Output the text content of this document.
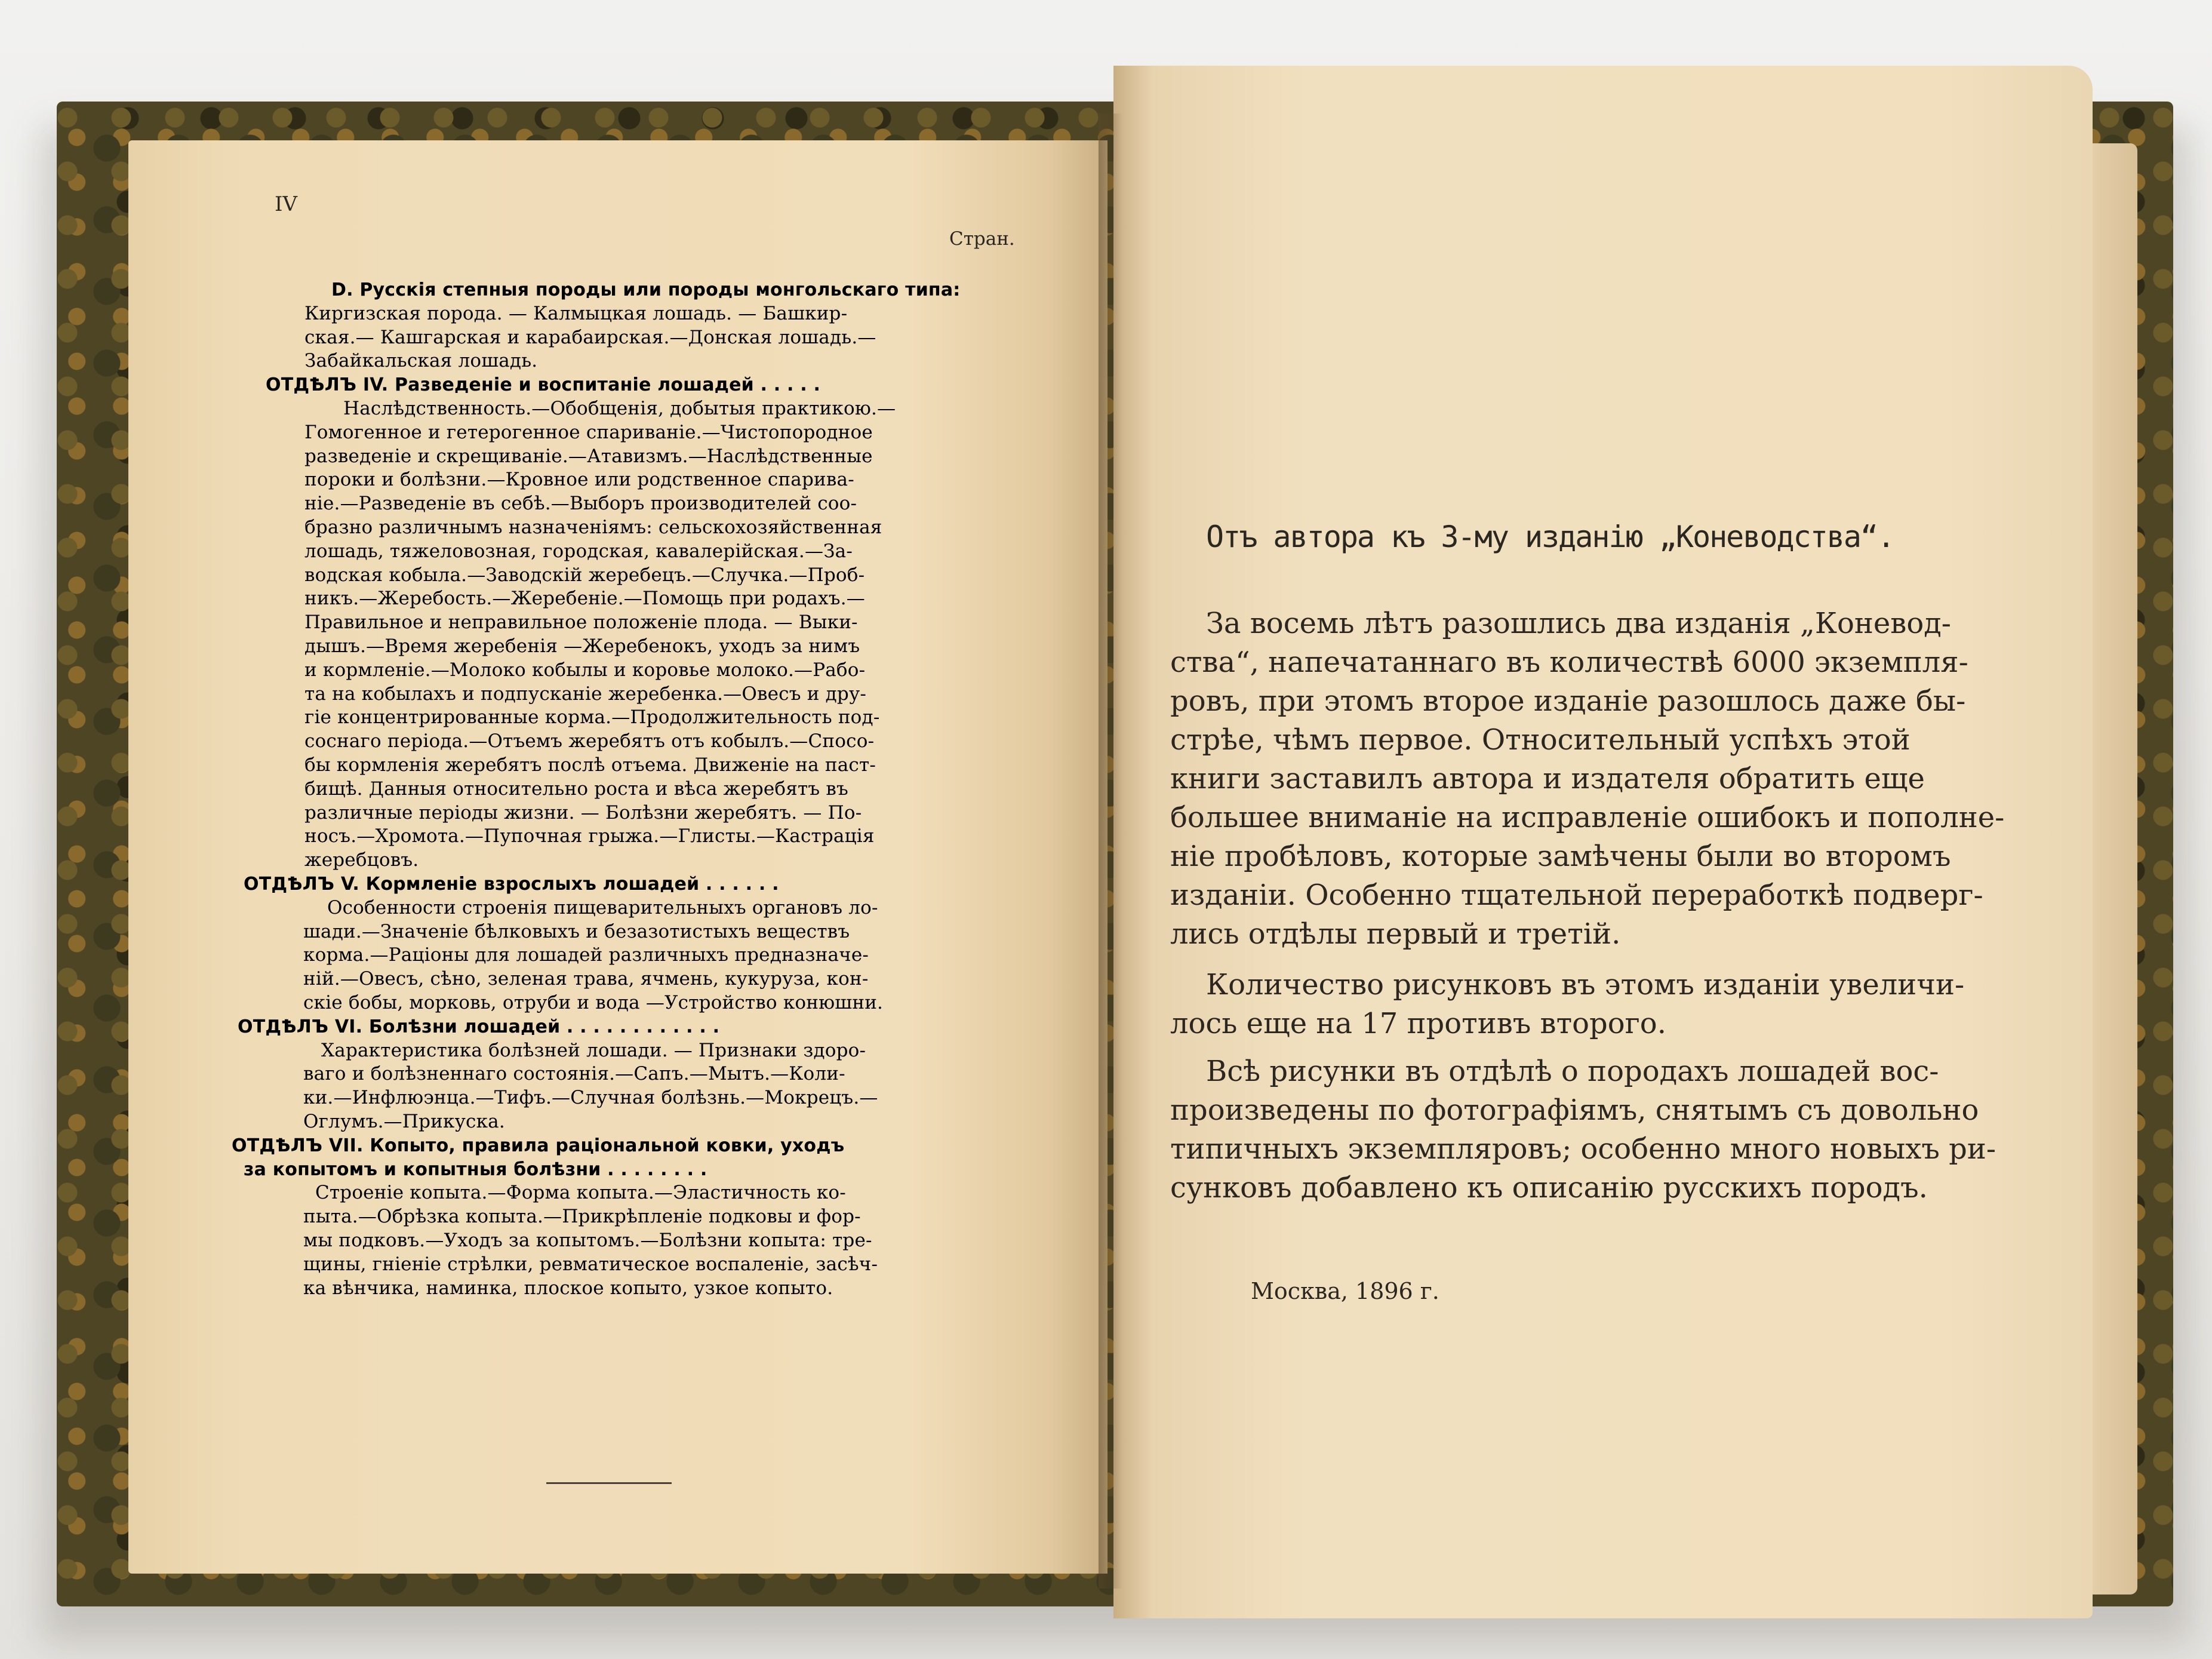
IV
Стран.
D. Русскія степныя породы или породы монгольскаго типа:
Киргизская порода. — Калмыцкая лошадь. — Башкир-
ская.— Кашгарская и карабаирская.—Донская лошадь.—
Забайкальская лошадь.
ОТДѢЛЪ IV. Разведеніе и воспитаніе лошадей . . . . .
Наслѣдственность.—Обобщенія, добытыя практикою.—
Гомогенное и гетерогенное спариваніе.—Чистопородное
разведеніе и скрещиваніе.—Атавизмъ.—Наслѣдственные
пороки и болѣзни.—Кровное или родственное спарива-
ніе.—Разведеніе въ себѣ.—Выборъ производителей соо-
бразно различнымъ назначеніямъ: сельскохозяйственная
лошадь, тяжеловозная, городская, кавалерійская.—За-
водская кобыла.—Заводскій жеребецъ.—Случка.—Проб-
никъ.—Жеребость.—Жеребеніе.—Помощь при родахъ.—
Правильное и неправильное положеніе плода. — Выки-
дышъ.—Время жеребенія —Жеребенокъ, уходъ за нимъ
и кормленіе.—Молоко кобылы и коровье молоко.—Рабо-
та на кобылахъ и подпусканіе жеребенка.—Овесъ и дру-
гіе концентрированные корма.—Продолжительность под-
соснаго періода.—Отъемъ жеребятъ отъ кобылъ.—Спосо-
бы кормленія жеребятъ послѣ отъема. Движеніе на паст-
бищѣ. Данныя относительно роста и вѣса жеребятъ въ
различные періоды жизни. — Болѣзни жеребятъ. — По-
носъ.—Хромота.—Пупочная грыжа.—Глисты.—Кастрація
жеребцовъ.
ОТДѢЛЪ V. Кормленіе взрослыхъ лошадей . . . . . .
Особенности строенія пищеварительныхъ органовъ ло-
шади.—Значеніе бѣлковыхъ и безазотистыхъ веществъ
корма.—Раціоны для лошадей различныхъ предназначе-
ній.—Овесъ, сѣно, зеленая трава, ячмень, кукуруза, кон-
скіе бобы, морковь, отруби и вода —Устройство конюшни.
ОТДѢЛЪ VI. Болѣзни лошадей . . . . . . . . . . . .
Характеристика болѣзней лошади. — Признаки здоро-
ваго и болѣзненнаго состоянія.—Сапъ.—Мытъ.—Коли-
ки.—Инфлюэнца.—Тифъ.—Случная болѣзнь.—Мокрецъ.—
Оглумъ.—Прикуска.
ОТДѢЛЪ VII. Копыто, правила раціональной ковки, уходъ
за копытомъ и копытныя болѣзни . . . . . . . .
Строеніе копыта.—Форма копыта.—Эластичность ко-
пыта.—Обрѣзка копыта.—Прикрѣпленіе подковы и фор-
мы подковъ.—Уходъ за копытомъ.—Болѣзни копыта: тре-
щины, гніеніе стрѣлки, ревматическое воспаленіе, засѣч-
ка вѣнчика, наминка, плоское копыто, узкое копыто.
Отъ автора къ 3-му изданію „Коневодства“.
За восемь лѣтъ разошлись два изданія „Коневод-
ства“, напечатаннаго въ количествѣ 6000 экземпля-
ровъ, при этомъ второе изданіе разошлось даже бы-
стрѣе, чѣмъ первое. Относительный успѣхъ этой
книги заставилъ автора и издателя обратить еще
большее вниманіе на исправленіе ошибокъ и пополне-
ніе пробѣловъ, которые замѣчены были во второмъ
изданіи. Особенно тщательной переработкѣ подверг-
лись отдѣлы первый и третій.
Количество рисунковъ въ этомъ изданіи увеличи-
лось еще на 17 противъ второго.
Всѣ рисунки въ отдѣлѣ о породахъ лошадей вос-
произведены по фотографіямъ, снятымъ съ довольно
типичныхъ экземпляровъ; особенно много новыхъ ри-
сунковъ добавлено къ описанію русскихъ породъ.
Москва, 1896 г.
